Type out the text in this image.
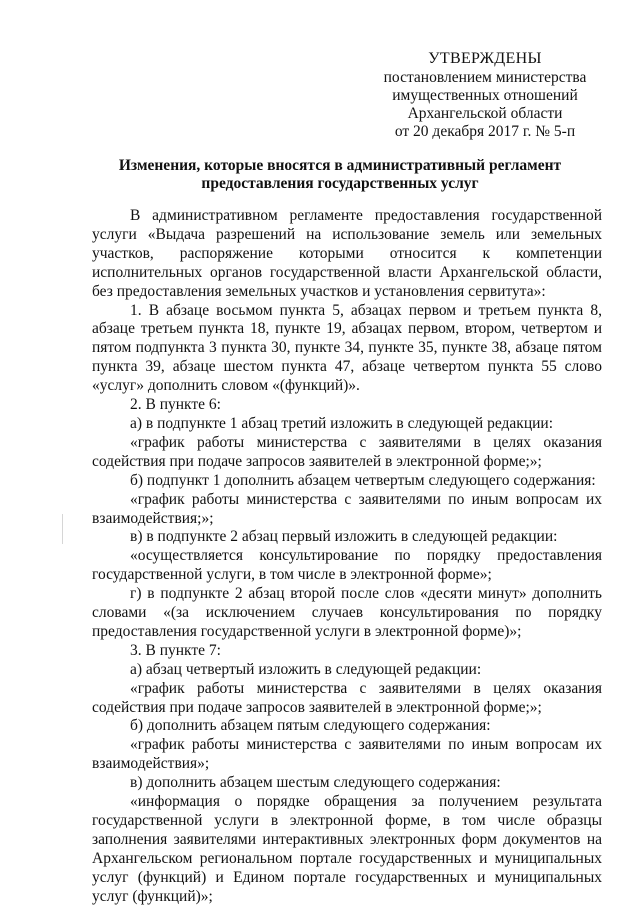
УТВЕРЖДЕНЫ
постановлением министерства
имущественных отношений
Архангельской области
от 20 декабря 2017 г. № 5-п
Изменения, которые вносятся в административный регламент
предоставления государственных услуг

В административном регламенте предоставления государственной услуги «Выдача разрешений на использование земель или земельных участков, распоряжение которыми относится к компетенции исполнительных органов государственной власти Архангельской области, без предоставления земельных участков и установления сервитута»:

1. В абзаце восьмом пункта 5, абзацах первом и третьем пункта 8, абзаце третьем пункта 18, пункте 19, абзацах первом, втором, четвертом и пятом подпункта 3 пункта 30, пункте 34, пункте 35, пункте 38, абзаце пятом пункта 39, абзаце шестом пункта 47, абзаце четвертом пункта 55 слово «услуг» дополнить словом «(функций)».

2. В пункте 6:

а) в подпункте 1 абзац третий изложить в следующей редакции:

«график работы министерства с заявителями в целях оказания содействия при подаче запросов заявителей в электронной форме;»;

б) подпункт 1 дополнить абзацем четвертым следующего содержания:

«график работы министерства с заявителями по иным вопросам их взаимодействия;»;

в) в подпункте 2 абзац первый изложить в следующей редакции:

«осуществляется консультирование по порядку предоставления государственной услуги, в том числе в электронной форме»;

г) в подпункте 2 абзац второй после слов «десяти минут» дополнить словами «(за исключением случаев консультирования по порядку предоставления государственной услуги в электронной форме)»;

3. В пункте 7:

а) абзац четвертый изложить в следующей редакции:

«график работы министерства с заявителями в целях оказания содействия при подаче запросов заявителей в электронной форме;»;

б) дополнить абзацем пятым следующего содержания:

«график работы министерства с заявителями по иным вопросам их взаимодействия»;

в) дополнить абзацем шестым следующего содержания:

«информация о порядке обращения за получением результата государственной услуги в электронной форме, в том числе образцы заполнения заявителями интерактивных электронных форм документов на Архангельском региональном портале государственных и муниципальных услуг (функций) и Едином портале государственных и муниципальных услуг (функций)»;
